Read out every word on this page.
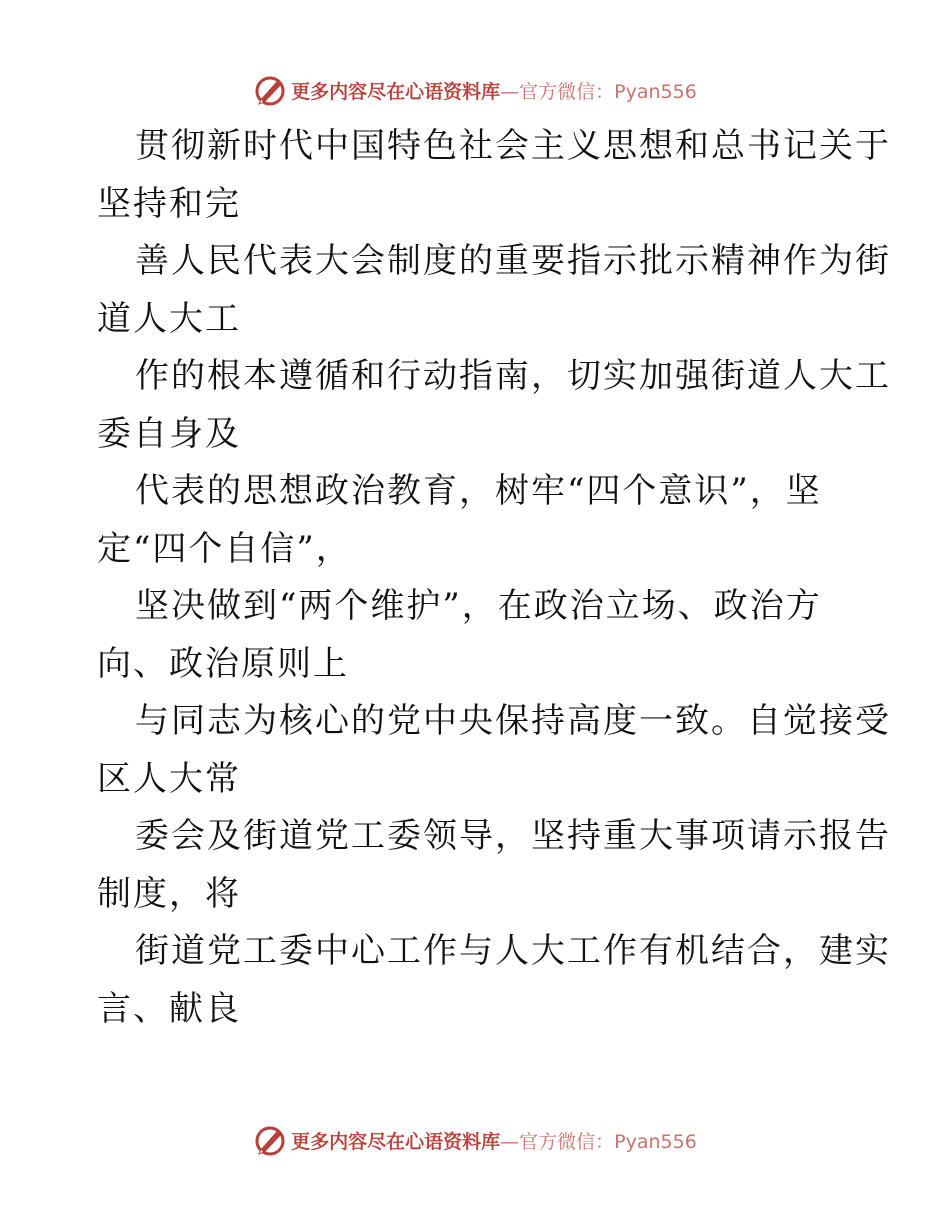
更多内容尽在心语资料库—官方微信：Pyan556
贯彻新时代中国特色社会主义思想和总书记关于
坚持和完
善人民代表大会制度的重要指示批示精神作为街
道人大工
作的根本遵循和行动指南，切实加强街道人大工
委自身及
代表的思想政治教育，树牢“四个意识”，坚
定“四个自信”，
坚决做到“两个维护”，在政治立场、政治方
向、政治原则上
与同志为核心的党中央保持高度一致。自觉接受
区人大常
委会及街道党工委领导，坚持重大事项请示报告
制度，将
街道党工委中心工作与人大工作有机结合，建实
言、献良
更多内容尽在心语资料库—官方微信：Pyan556
